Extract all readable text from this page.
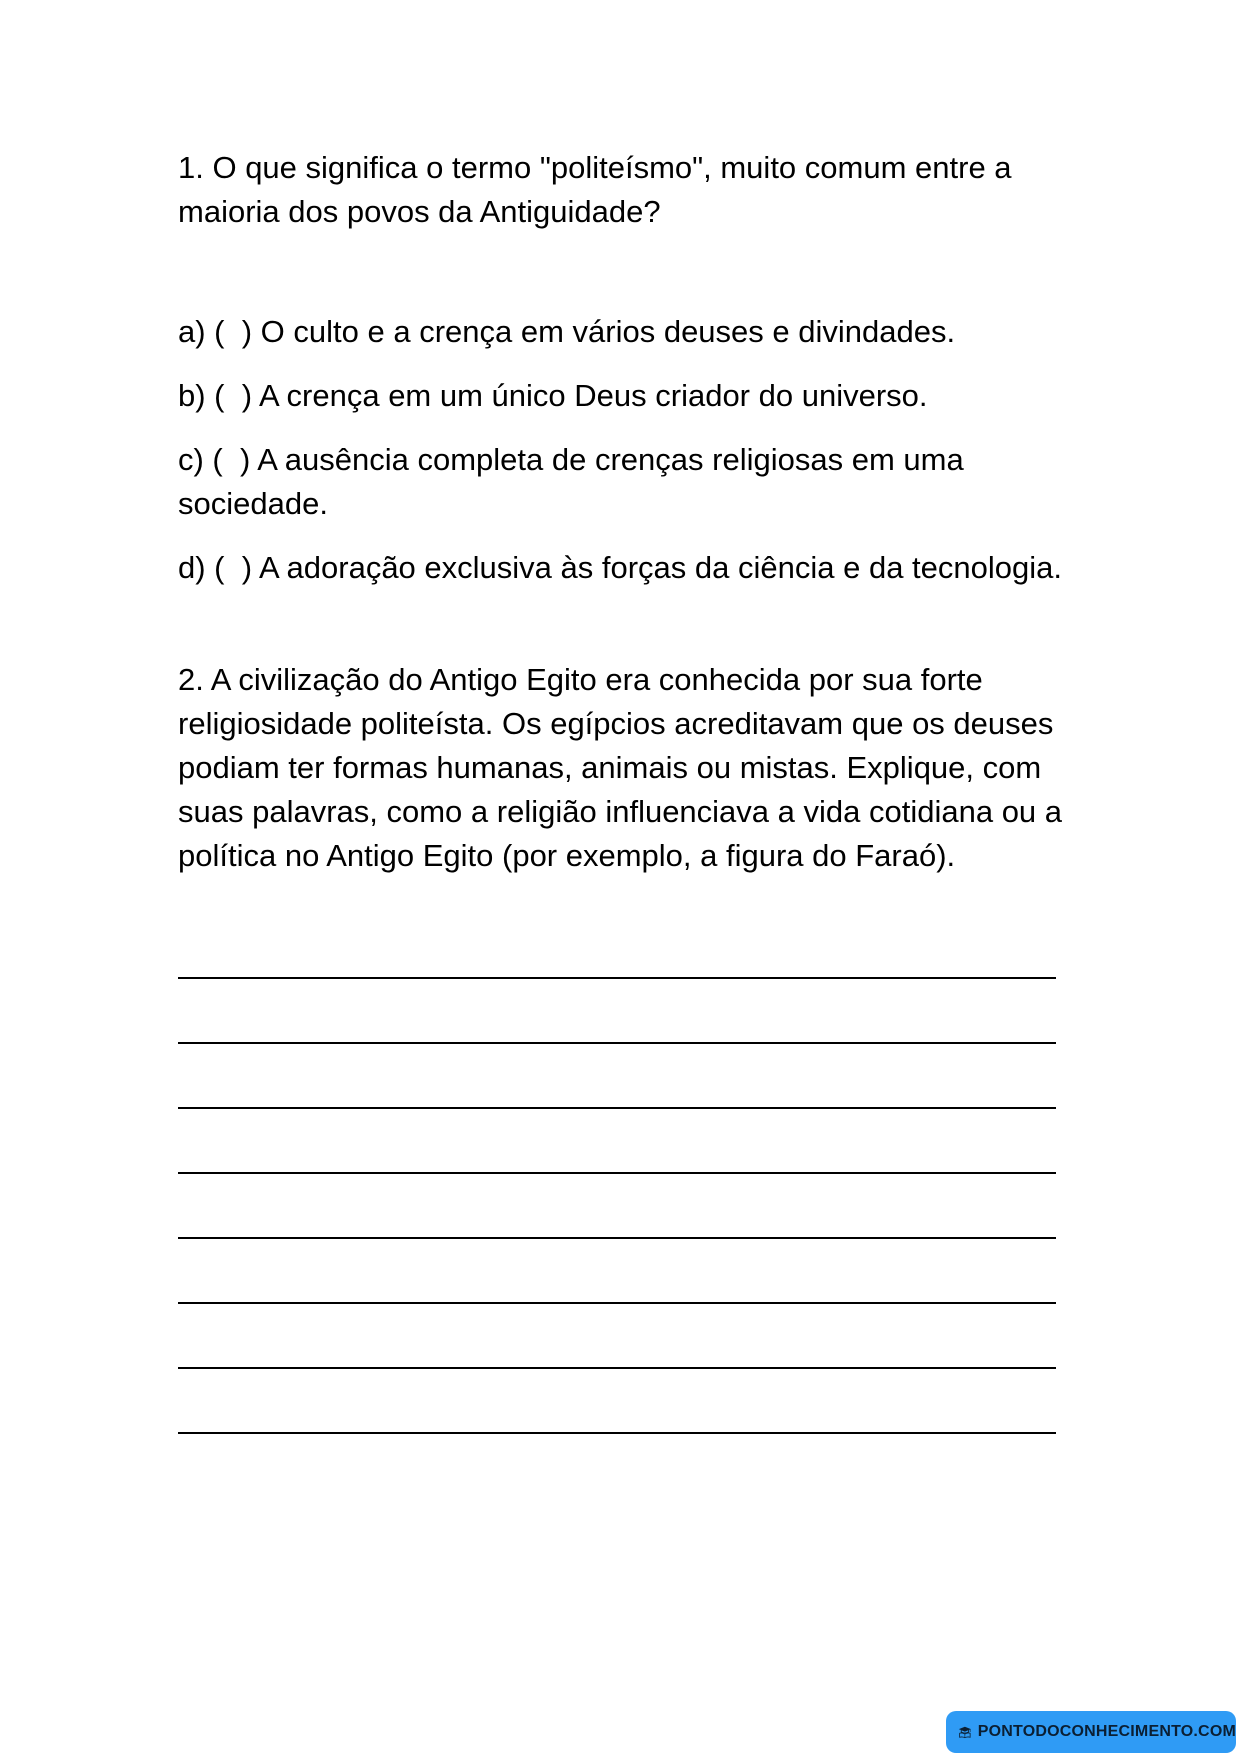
1. O que significa o termo "politeísmo", muito comum entre a maioria dos povos da Antiguidade?

a) (  ) O culto e a crença em vários deuses e divindades.

b) (  ) A crença em um único Deus criador do universo.

c) (  ) A ausência completa de crenças religiosas em uma sociedade.

d) (  ) A adoração exclusiva às forças da ciência e da tecnologia.

2. A civilização do Antigo Egito era conhecida por sua forte religiosidade politeísta. Os egípcios acreditavam que os deuses podiam ter formas humanas, animais ou mistas. Explique, com suas palavras, como a religião influenciava a vida cotidiana ou a política no Antigo Egito (por exemplo, a figura do Faraó).

PONTODOCONHECIMENTO.COM
